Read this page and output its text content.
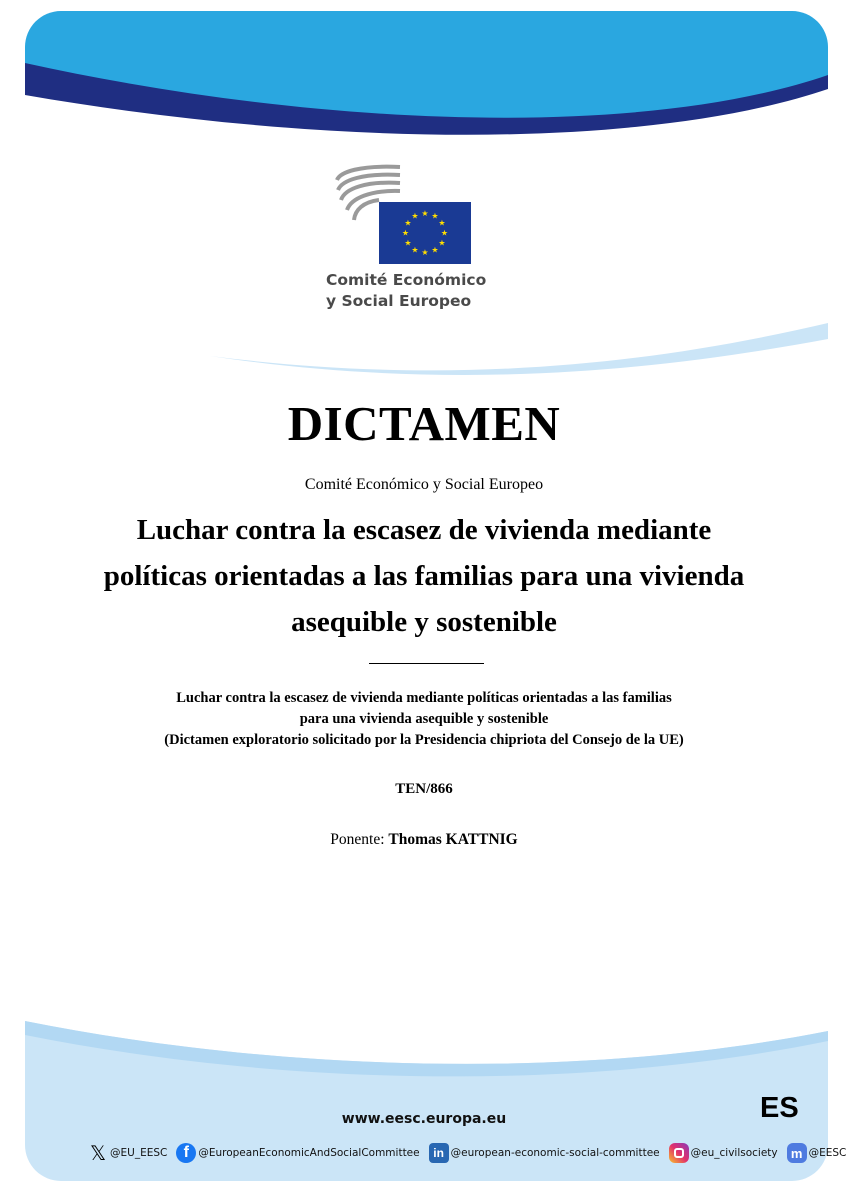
★ ★
★
★
★
★
★
★
★
★
★
★
Comité Económico
y Social Europeo
DICTAMEN
Comité Económico y Social Europeo
Luchar contra la escasez de vivienda mediante políticas orientadas a las familias para una vivienda asequible y sostenible
Luchar contra la escasez de vivienda mediante políticas orientadas a las familias
para una vivienda asequible y sostenible
(Dictamen exploratorio solicitado por la Presidencia chipriota del Consejo de la UE)
TEN/866
Ponente: Thomas KATTNIG
www.eesc.europa.eu	ES
𝕏 @EU_EESC	f @EuropeanEconomicAndSocialCommittee	in @european-economic-social-committee	@eu_civilsociety	m @EESC
